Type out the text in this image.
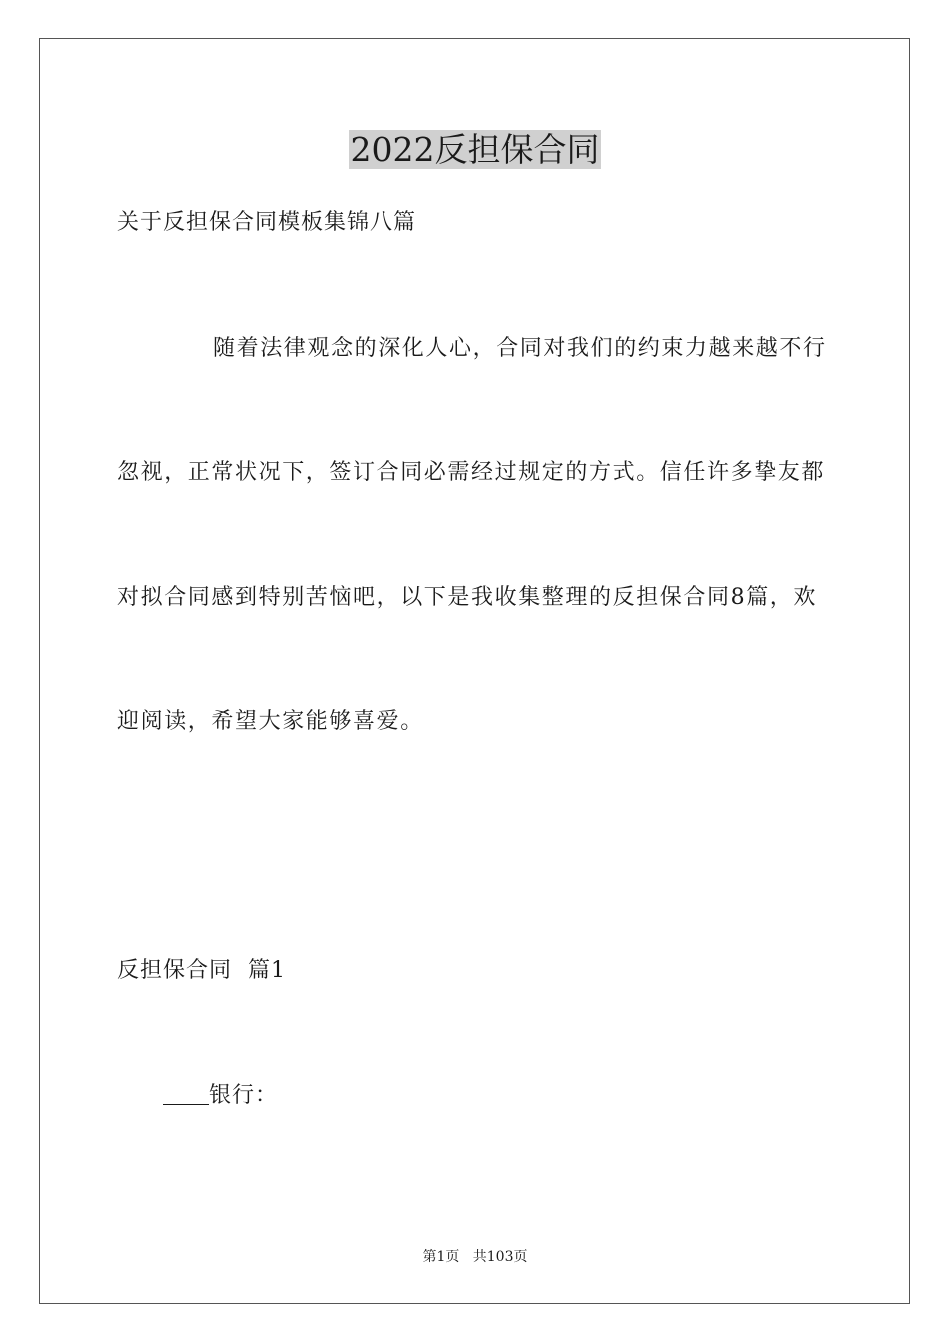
2022反担保合同
关于反担保合同模板集锦八篇
随着法律观念的深化人心，合同对我们的约束力越来越不行
忽视，正常状况下，签订合同必需经过规定的方式。信任许多挚友都
对拟合同感到特别苦恼吧，以下是我收集整理的反担保合同8篇，欢
迎阅读，希望大家能够喜爱。
反担保合同  篇1
银行：
第1页   共103页
